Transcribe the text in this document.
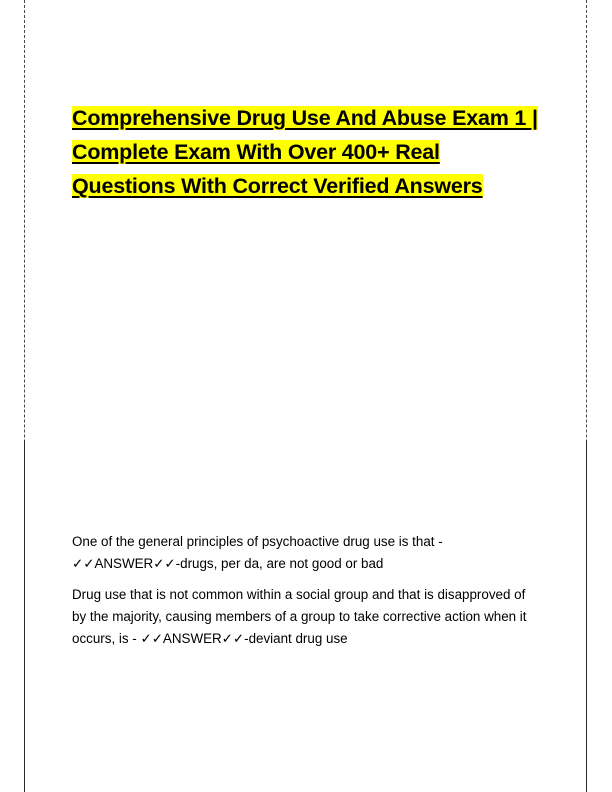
Comprehensive Drug Use And Abuse Exam 1 | Complete Exam With Over 400+ Real Questions With Correct Verified Answers

One of the general principles of psychoactive drug use is that - ✓✓ANSWER✓✓-drugs, per da, are not good or bad

Drug use that is not common within a social group and that is disapproved of by the majority, causing members of a group to take corrective action when it occurs, is - ✓✓ANSWER✓✓-deviant drug use
